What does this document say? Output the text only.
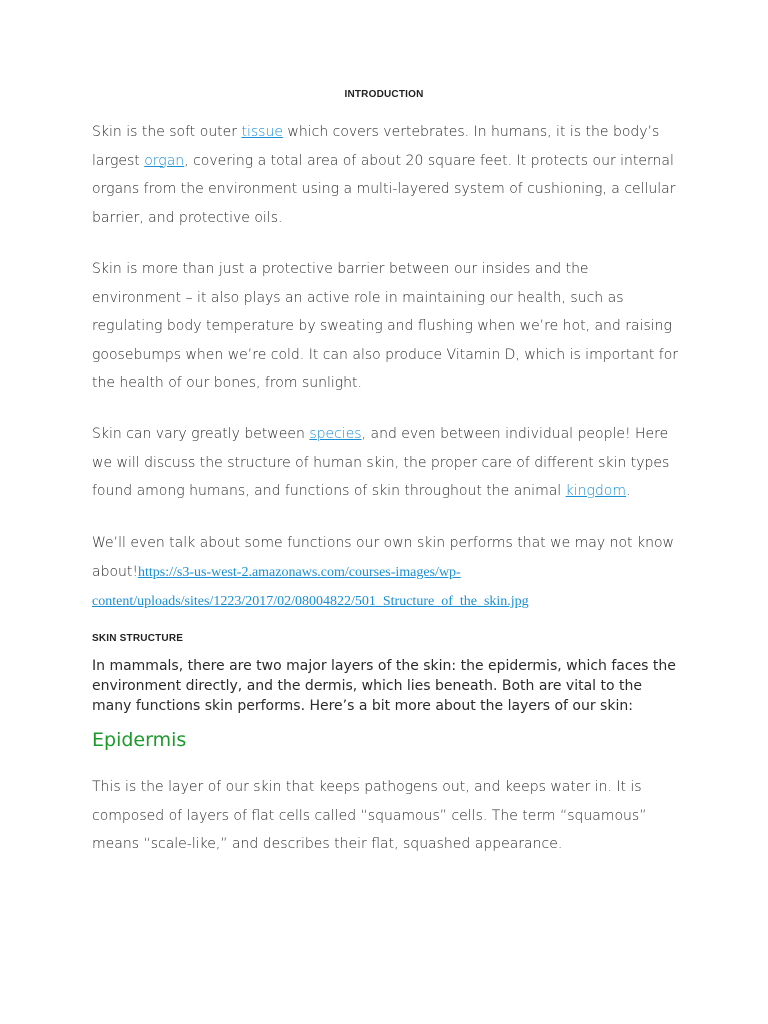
INTRODUCTION

Skin is the soft outer tissue which covers vertebrates. In humans, it is the body’s largest organ, covering a total area of about 20 square feet. It protects our internal organs from the environment using a multi-layered system of cushioning, a cellular barrier, and protective oils.

Skin is more than just a protective barrier between our insides and the environment – it also plays an active role in maintaining our health, such as regulating body temperature by sweating and flushing when we’re hot, and raising goosebumps when we’re cold. It can also produce Vitamin D, which is important for the health of our bones, from sunlight.

Skin can vary greatly between species, and even between individual people! Here we will discuss the structure of human skin, the proper care of different skin types found among humans, and functions of skin throughout the animal kingdom.

We’ll even talk about some functions our own skin performs that we may not know about!https://s3-us-west-2.amazonaws.com/courses-images/wp-
content/uploads/sites/1223/2017/02/08004822/501_Structure_of_the_skin.jpg

SKIN STRUCTURE

In mammals, there are two major layers of the skin: the epidermis, which faces the environment directly, and the dermis, which lies beneath. Both are vital to the many functions skin performs. Here’s a bit more about the layers of our skin:

Epidermis

This is the layer of our skin that keeps pathogens out, and keeps water in. It is composed of layers of flat cells called “squamous” cells. The term “squamous” means “scale-like,” and describes their flat, squashed appearance.
